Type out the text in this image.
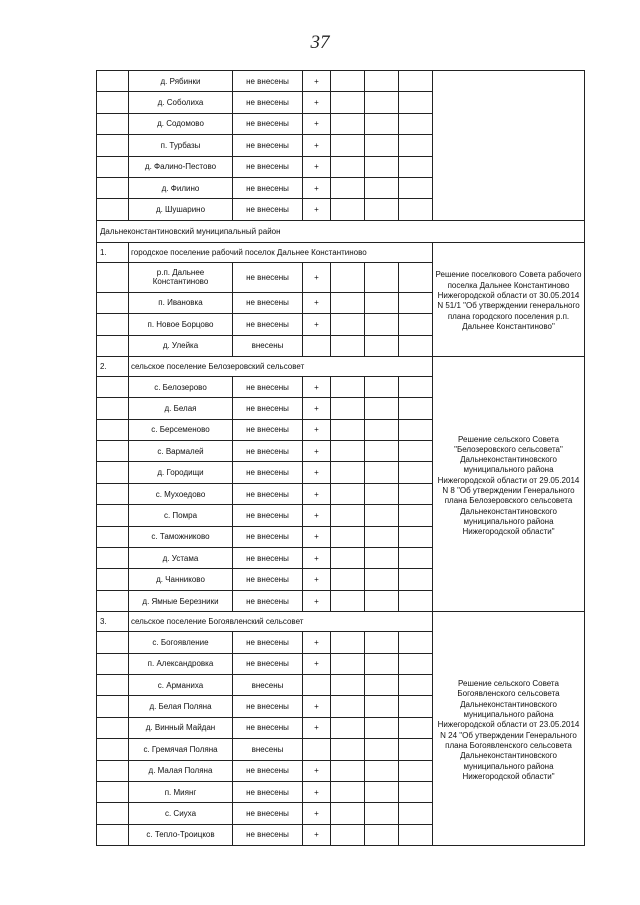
37
	д. Рябинки	не внесены	+				
	д. Соболиха	не внесены	+				
	д. Содомово	не внесены	+				
	п. Турбазы	не внесены	+				
	д. Фалино-Пестово	не внесены	+				
	д. Филино	не внесены	+				
	д. Шушарино	не внесены	+				
Дальнеконстантиновский муниципальный район							
1.	городское поселение рабочий поселок Дальнее Константиново						Решение поселкового Совета рабочего поселка Дальнее Константиново Нижегородской области от 30.05.2014 N 51/1 "Об утверждении генерального плана городского поселения р.п. Дальнее Константиново"
	р.п. Дальнее Константиново	не внесены	+				
	п. Ивановка	не внесены	+				
	п. Новое Борцово	не внесены	+				
	д. Улейка	внесены					
2.	сельское поселение Белозеровский сельсовет						Решение сельского Совета "Белозеровского сельсовета" Дальнеконстантиновского муниципального района Нижегородской области от 29.05.2014 N 8 "Об утверждении Генерального плана Белозеровского сельсовета Дальнеконстантиновского муниципального района Нижегородской области"
	с. Белозерово	не внесены	+				
	д. Белая	не внесены	+				
	с. Берсеменово	не внесены	+				
	с. Вармалей	не внесены	+				
	д. Городищи	не внесены	+				
	с. Мухоедово	не внесены	+				
	с. Помра	не внесены	+				
	с. Таможниково	не внесены	+				
	д. Устама	не внесены	+				
	д. Чанниково	не внесены	+				
	д. Ямные Березники	не внесены	+				
3.	сельское поселение Богоявленский сельсовет						Решение сельского Совета Богоявленского сельсовета Дальнеконстантиновского муниципального района Нижегородской области от 23.05.2014 N 24 "Об утверждении Генерального плана Богоявленского сельсовета Дальнеконстантиновского муниципального района Нижегородской области"
	с. Богоявление	не внесены	+				
	п. Александровка	не внесены	+				
	с. Арманиха	внесены					
	д. Белая Поляна	не внесены	+				
	д. Винный Майдан	не внесены	+				
	с. Гремячая Поляна	внесены					
	д. Малая Поляна	не внесены	+				
	п. Миянг	не внесены	+				
	с. Сиуха	не внесены	+				
	с. Тепло-Троицков	не внесены	+				
